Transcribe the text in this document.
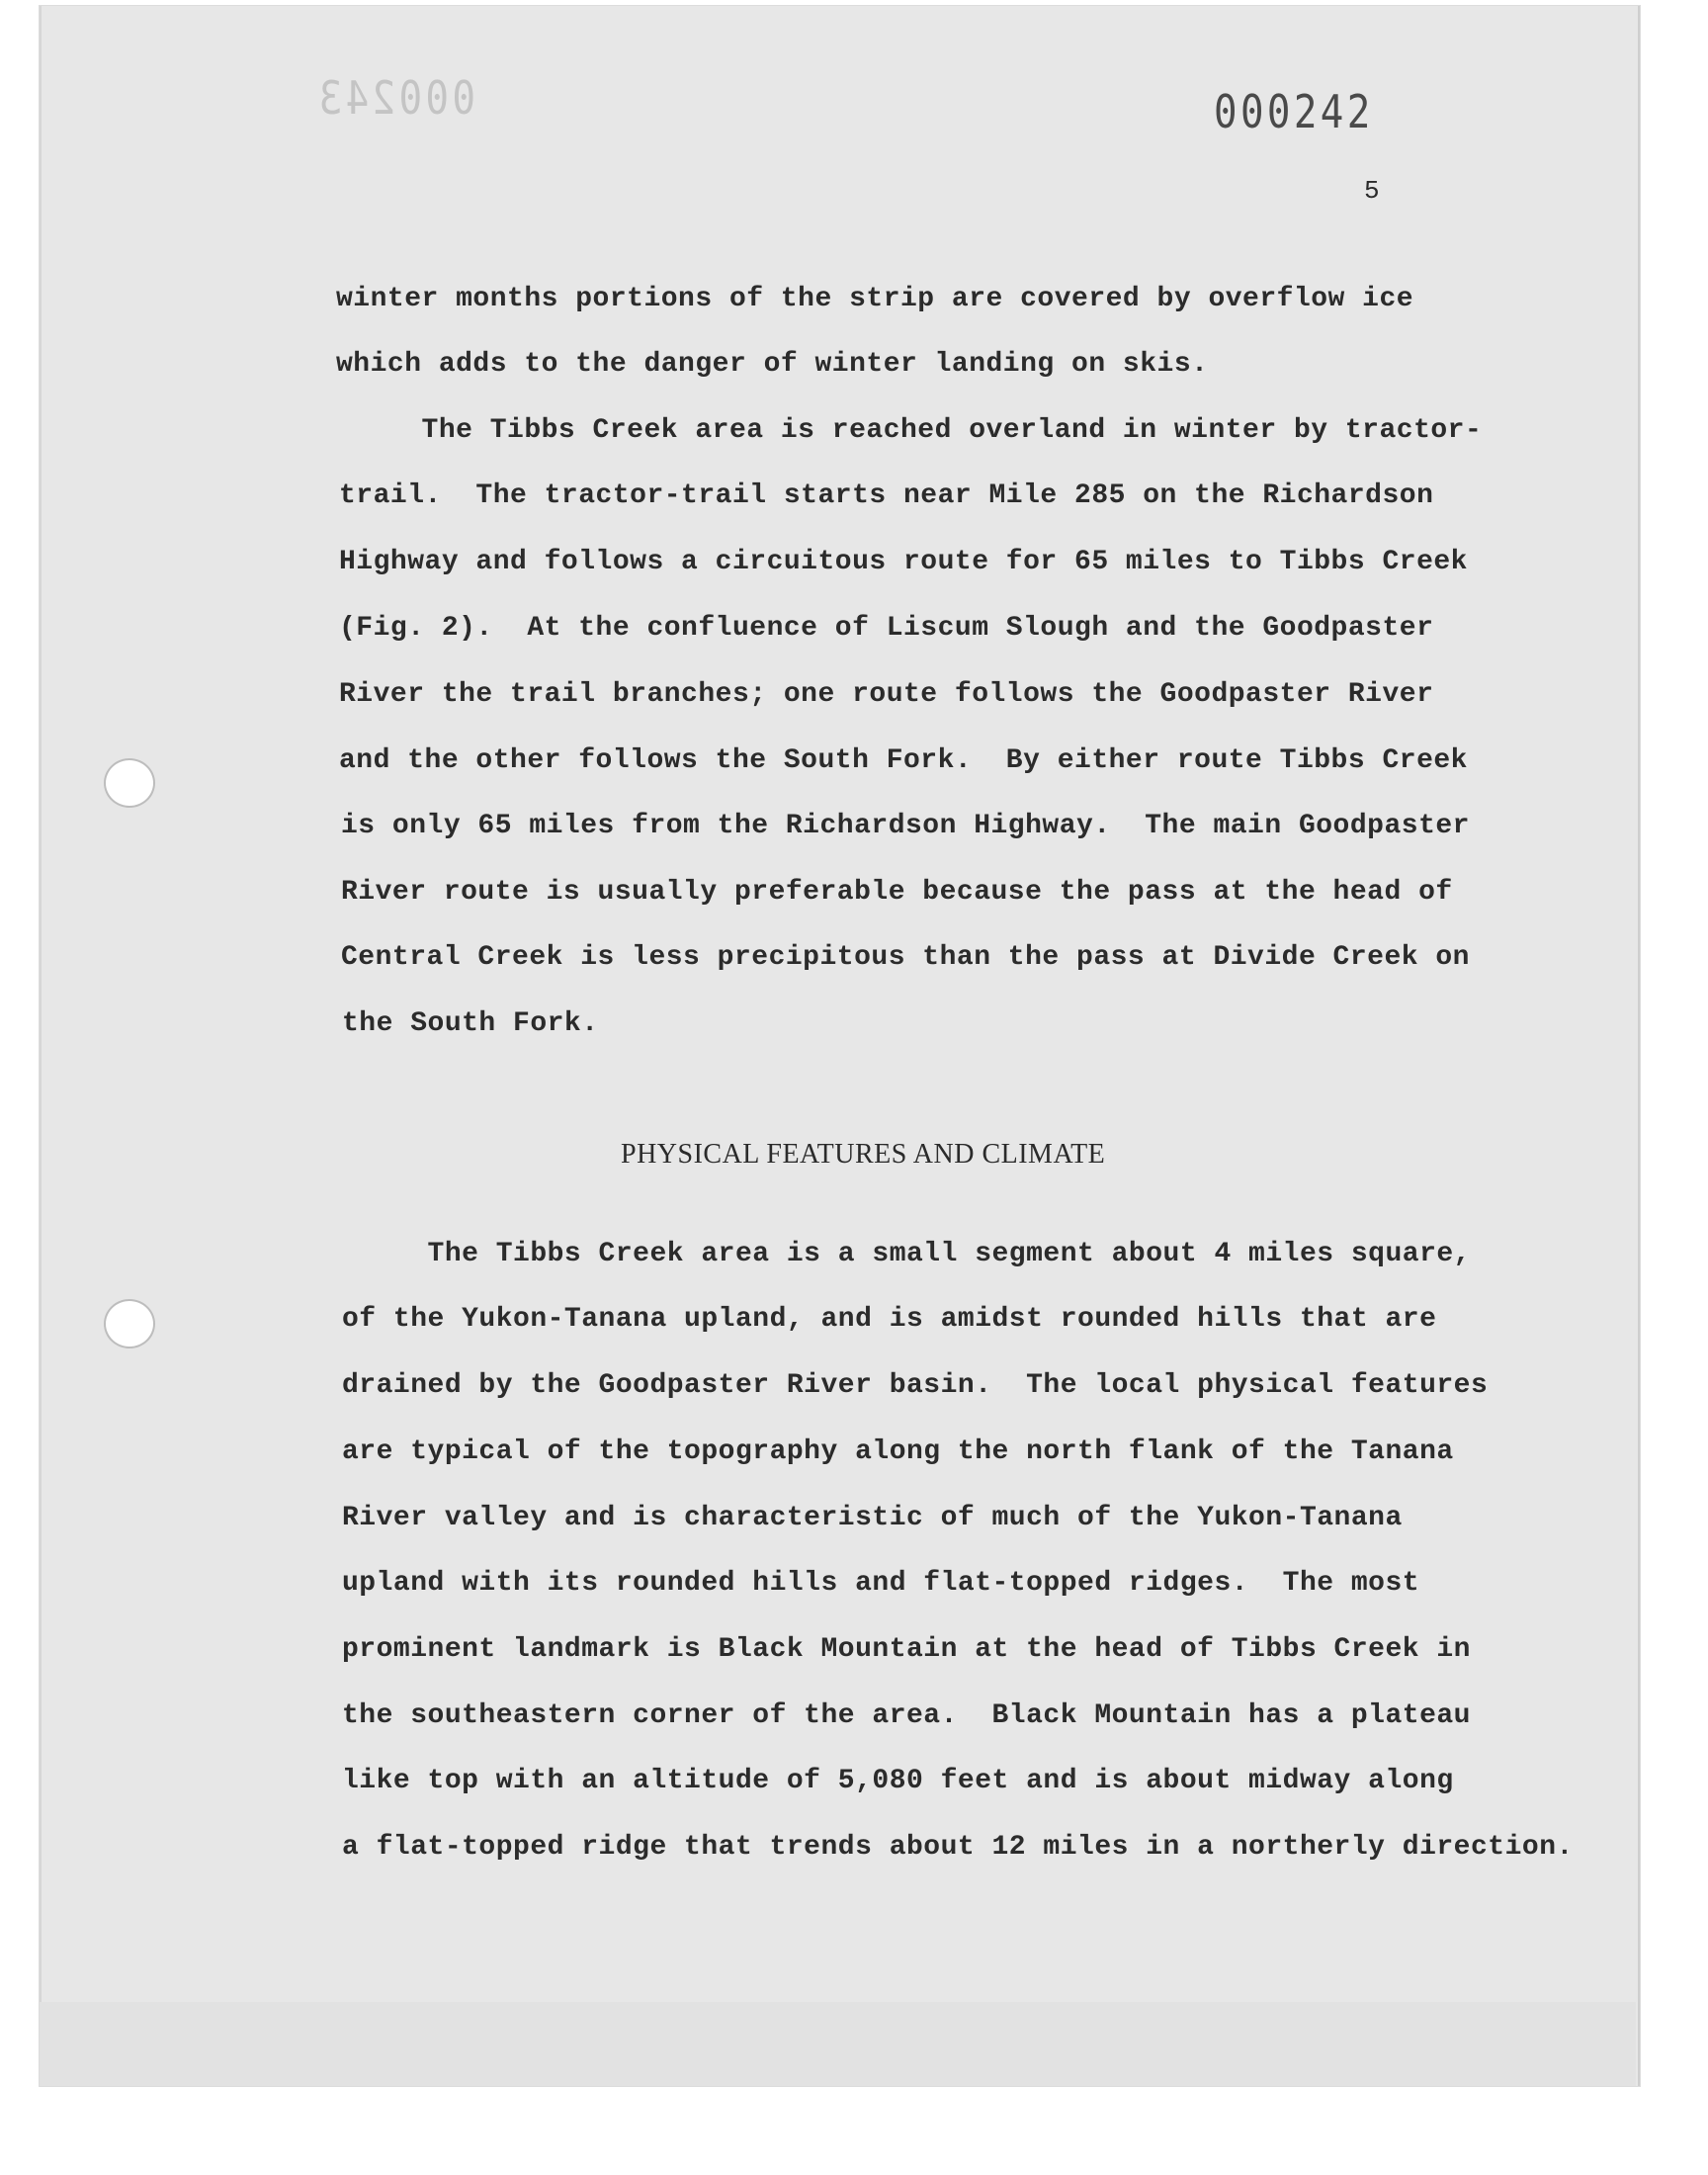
000243	000242
5
winter months portions of the strip are covered by overflow ice
which adds to the danger of winter landing on skis.
The Tibbs Creek area is reached overland in winter by tractor-
trail.  The tractor-trail starts near Mile 285 on the Richardson
Highway and follows a circuitous route for 65 miles to Tibbs Creek
(Fig. 2).  At the confluence of Liscum Slough and the Goodpaster
River the trail branches; one route follows the Goodpaster River
and the other follows the South Fork.  By either route Tibbs Creek
is only 65 miles from the Richardson Highway.  The main Goodpaster
River route is usually preferable because the pass at the head of
Central Creek is less precipitous than the pass at Divide Creek on
the South Fork.
PHYSICAL FEATURES AND CLIMATE
The Tibbs Creek area is a small segment about 4 miles square,
of the Yukon-Tanana upland, and is amidst rounded hills that are
drained by the Goodpaster River basin.  The local physical features
are typical of the topography along the north flank of the Tanana
River valley and is characteristic of much of the Yukon-Tanana
upland with its rounded hills and flat-topped ridges.  The most
prominent landmark is Black Mountain at the head of Tibbs Creek in
the southeastern corner of the area.  Black Mountain has a plateau
like top with an altitude of 5,080 feet and is about midway along
a flat-topped ridge that trends about 12 miles in a northerly direction.
